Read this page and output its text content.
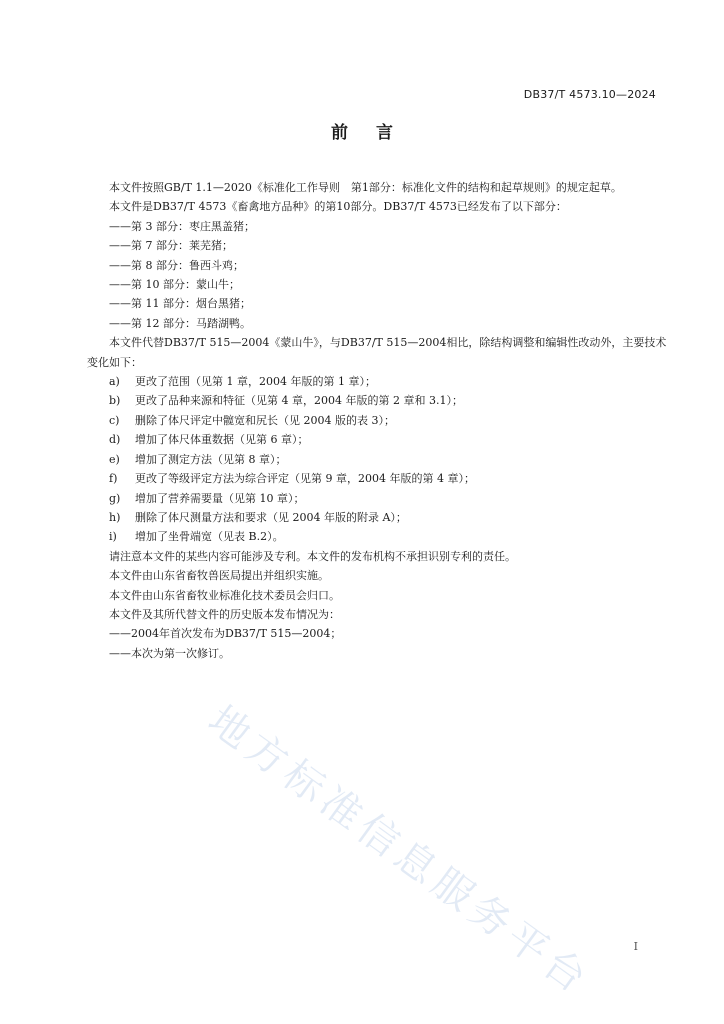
DB37/T 4573.10—2024
前言

本文件按照GB/T 1.1—2020《标准化工作导则　第1部分：标准化文件的结构和起草规则》的规定起草。

本文件是DB37/T 4573《畜禽地方品种》的第10部分。DB37/T 4573已经发布了以下部分：

——第 3 部分：枣庄黑盖猪；

——第 7 部分：莱芜猪；

——第 8 部分：鲁西斗鸡；

——第 10 部分：蒙山牛；

——第 11 部分：烟台黑猪；

——第 12 部分：马踏湖鸭。

本文件代替DB37/T 515—2004《蒙山牛》，与DB37/T 515—2004相比，除结构调整和编辑性改动外，主要技术变化如下：

a) 更改了范围（见第 1 章，2004 年版的第 1 章）；

b) 更改了品种来源和特征（见第 4 章，2004 年版的第 2 章和 3.1）；

c) 删除了体尺评定中髋宽和尻长（见 2004 版的表 3）；

d) 增加了体尺体重数据（见第 6 章）；

e) 增加了测定方法（见第 8 章）；

f) 更改了等级评定方法为综合评定（见第 9 章，2004 年版的第 4 章）；

g) 增加了营养需要量（见第 10 章）；

h) 删除了体尺测量方法和要求（见 2004 年版的附录 A）；

i) 增加了坐骨端宽（见表 B.2）。

请注意本文件的某些内容可能涉及专利。本文件的发布机构不承担识别专利的责任。

本文件由山东省畜牧兽医局提出并组织实施。

本文件由山东省畜牧业标准化技术委员会归口。

本文件及其所代替文件的历史版本发布情况为：

——2004年首次发布为DB37/T 515—2004；

——本次为第一次修订。

地方标准信息服务平台	I
